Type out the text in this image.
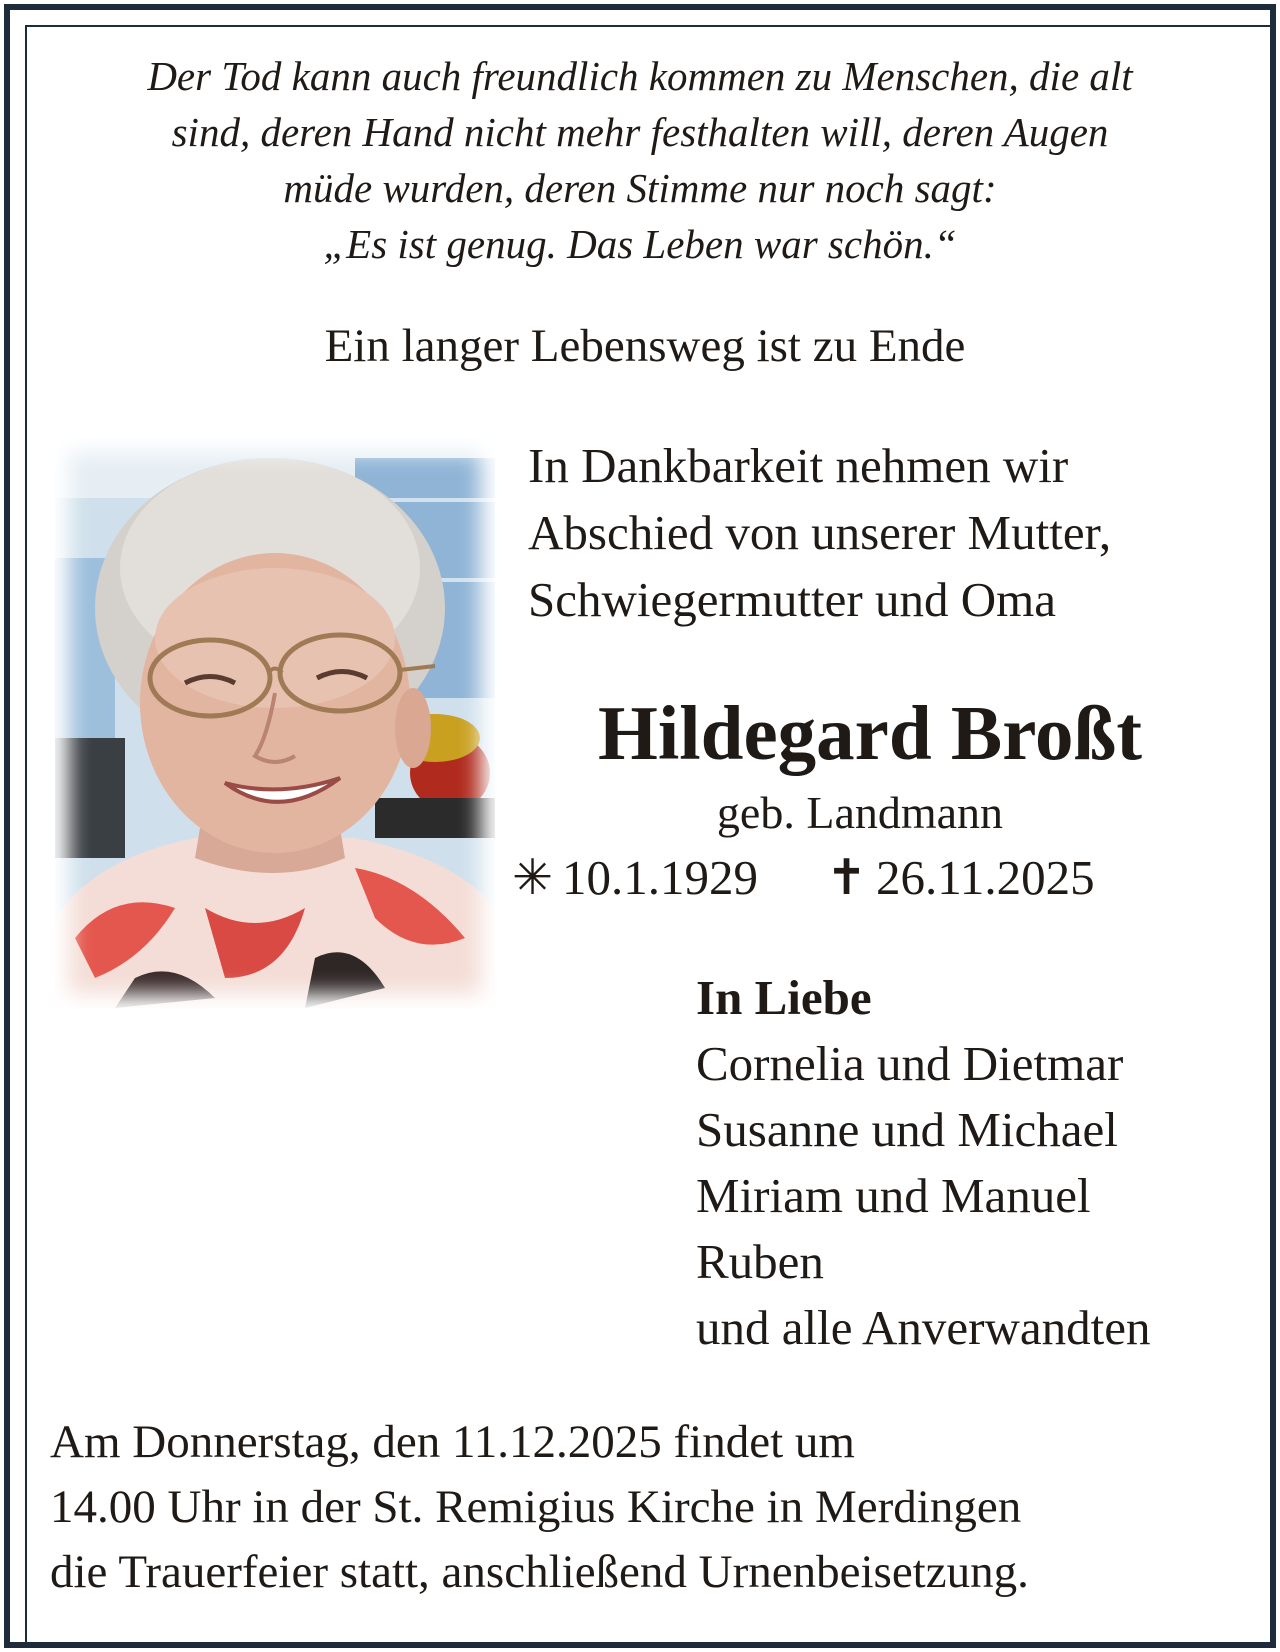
Der Tod kann auch freundlich kommen zu Menschen, die alt
sind, deren Hand nicht mehr festhalten will, deren Augen
müde wurden, deren Stimme nur noch sagt:
„Es ist genug. Das Leben war schön.“
Ein langer Lebensweg ist zu Ende
In Dankbarkeit nehmen wir
Abschied von unserer Mutter,
Schwiegermutter und Oma
Hildegard Broßt
geb. Landmann
✳ 10.1.1929 ✝ 26.11.2025
In Liebe
Cornelia und Dietmar
Susanne und Michael
Miriam und Manuel
Ruben
und alle Anverwandten
Am Donnerstag, den 11.12.2025 findet um
14.00 Uhr in der St. Remigius Kirche in Merdingen
die Trauerfeier statt, anschließend Urnenbeisetzung.
